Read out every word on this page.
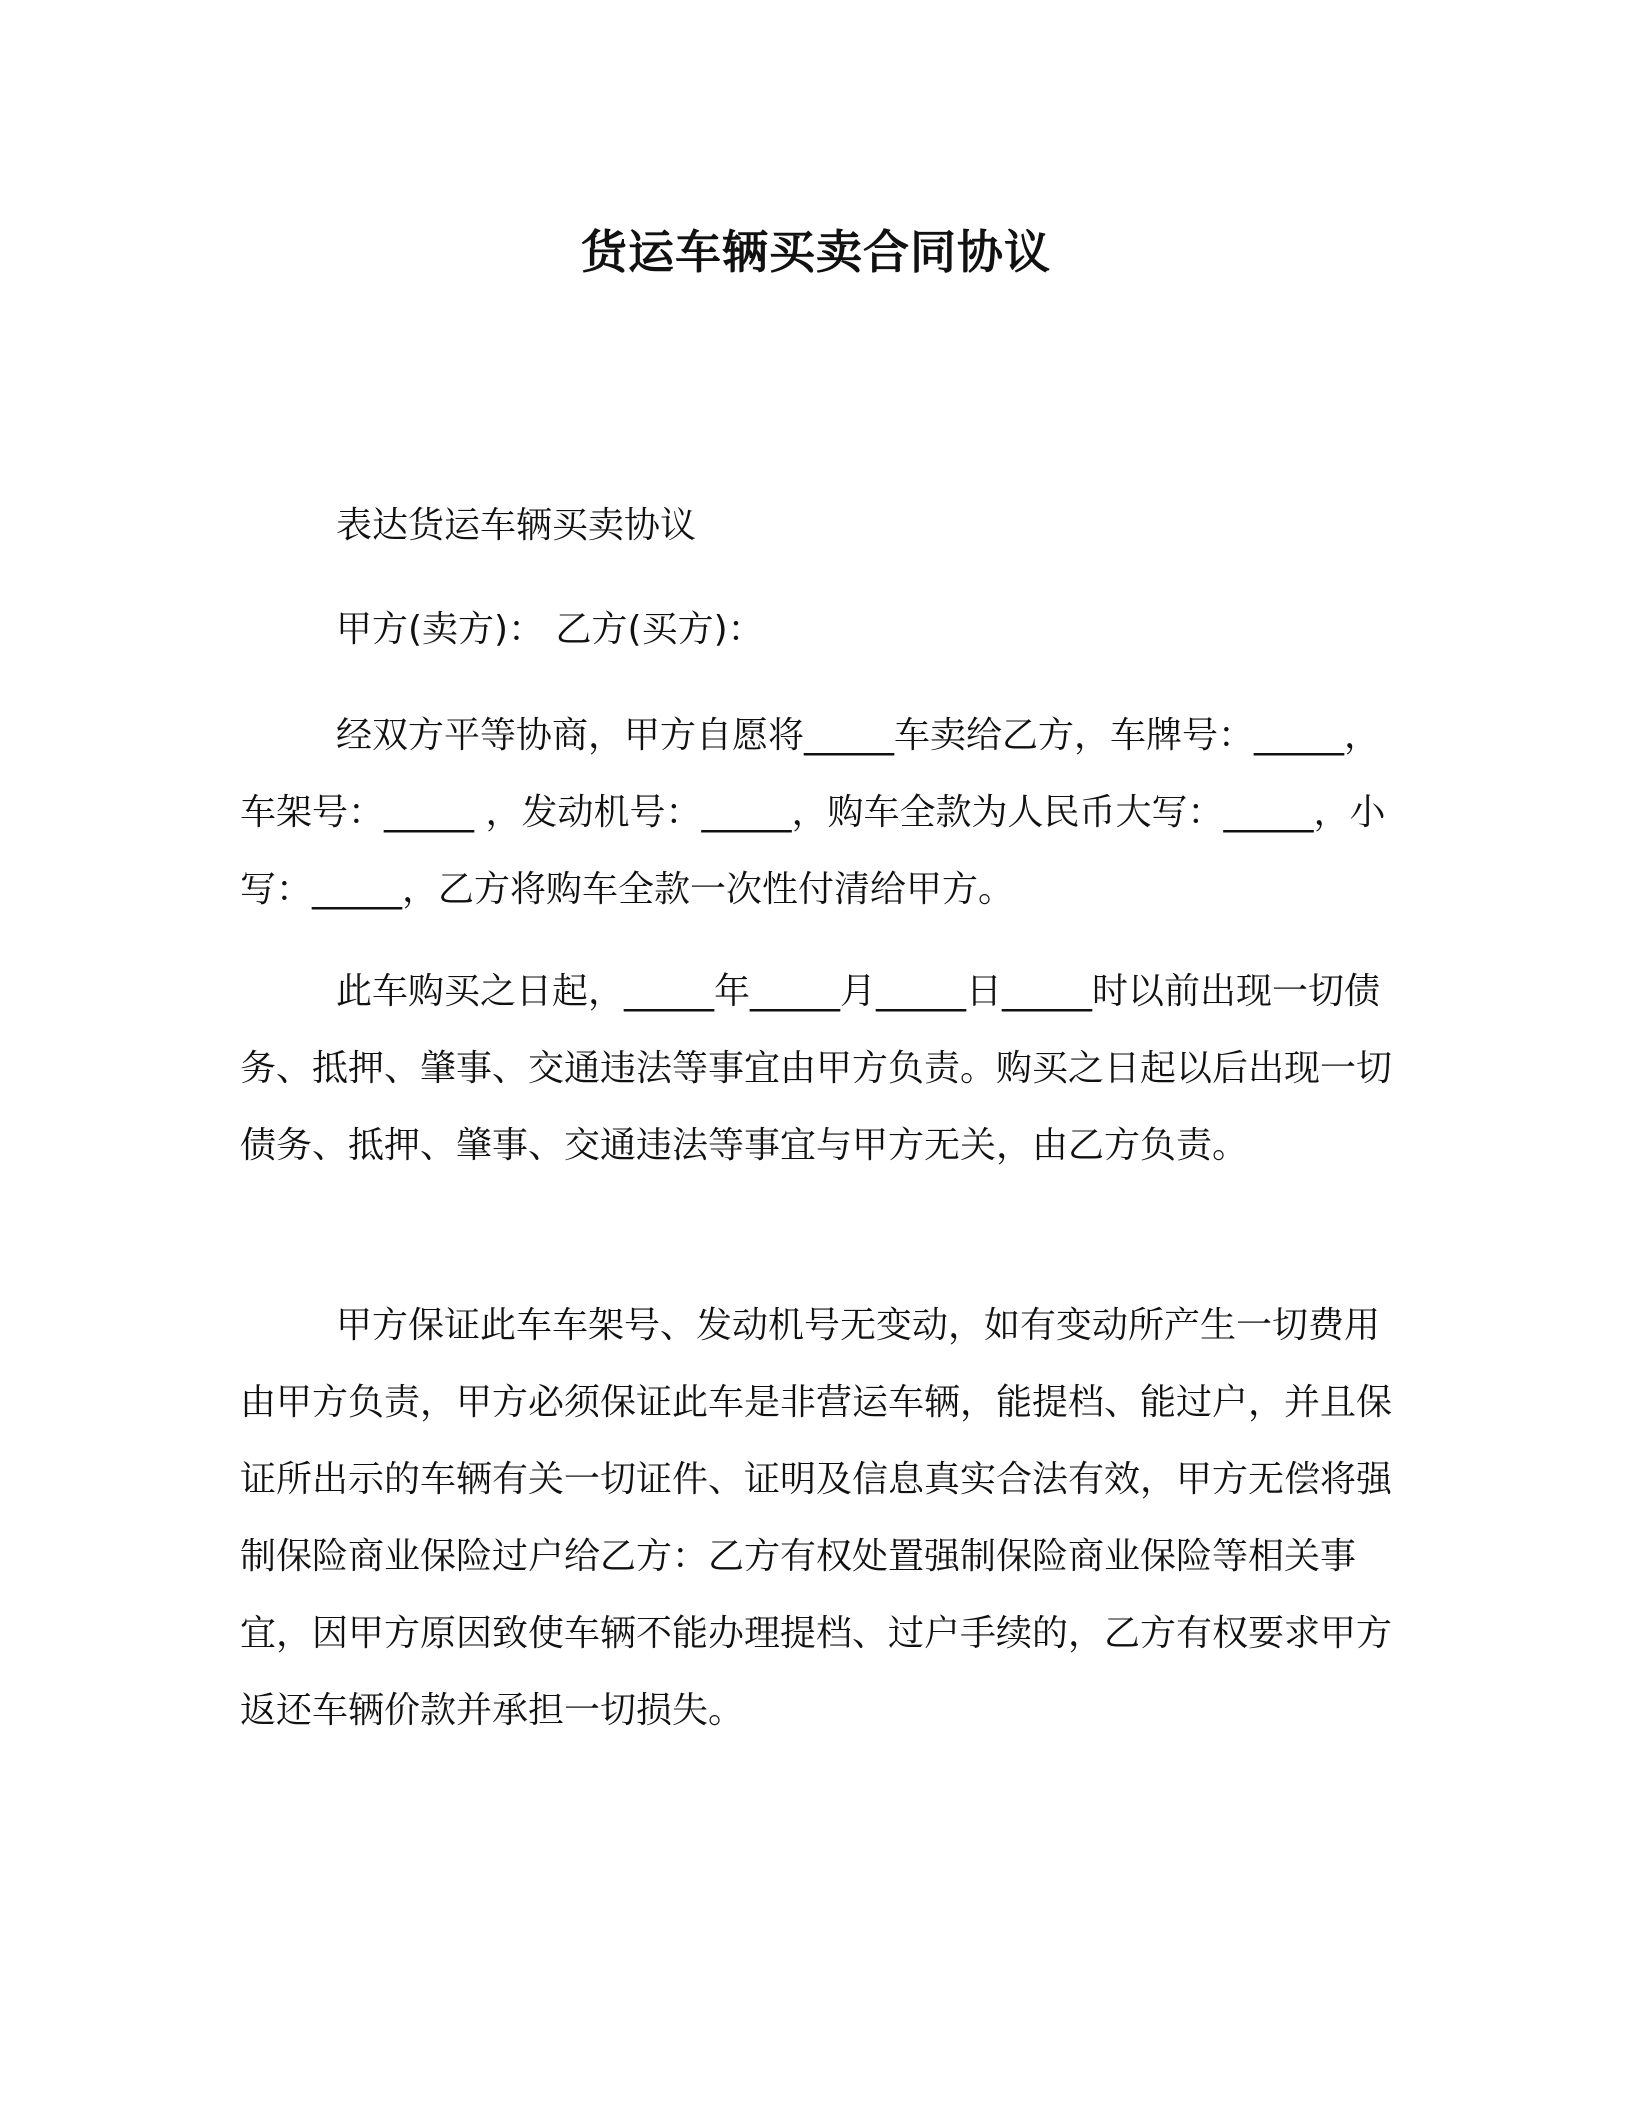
货运车辆买卖合同协议

表达货运车辆买卖协议

甲方(卖方)： 乙方(买方)：

经双方平等协商，甲方自愿将_____车卖给乙方，车牌号：_____， 车架号：_____ ，发动机号：_____，购车全款为人民币大写：_____，小写：_____，乙方将购车全款一次性付清给甲方。

此车购买之日起，_____年_____月_____日_____时以前出现一切债务、抵押、肇事、交通违法等事宜由甲方负责。购买之日起以后出现一切债务、抵押、肇事、交通违法等事宜与甲方无关，由乙方负责。

甲方保证此车车架号、发动机号无变动，如有变动所产生一切费用由甲方负责，甲方必须保证此车是非营运车辆，能提档、能过户，并且保证所出示的车辆有关一切证件、证明及信息真实合法有效，甲方无偿将强制保险商业保险过户给乙方：乙方有权处置强制保险商业保险等相关事宜，因甲方原因致使车辆不能办理提档、过户手续的，乙方有权要求甲方返还车辆价款并承担一切损失。
